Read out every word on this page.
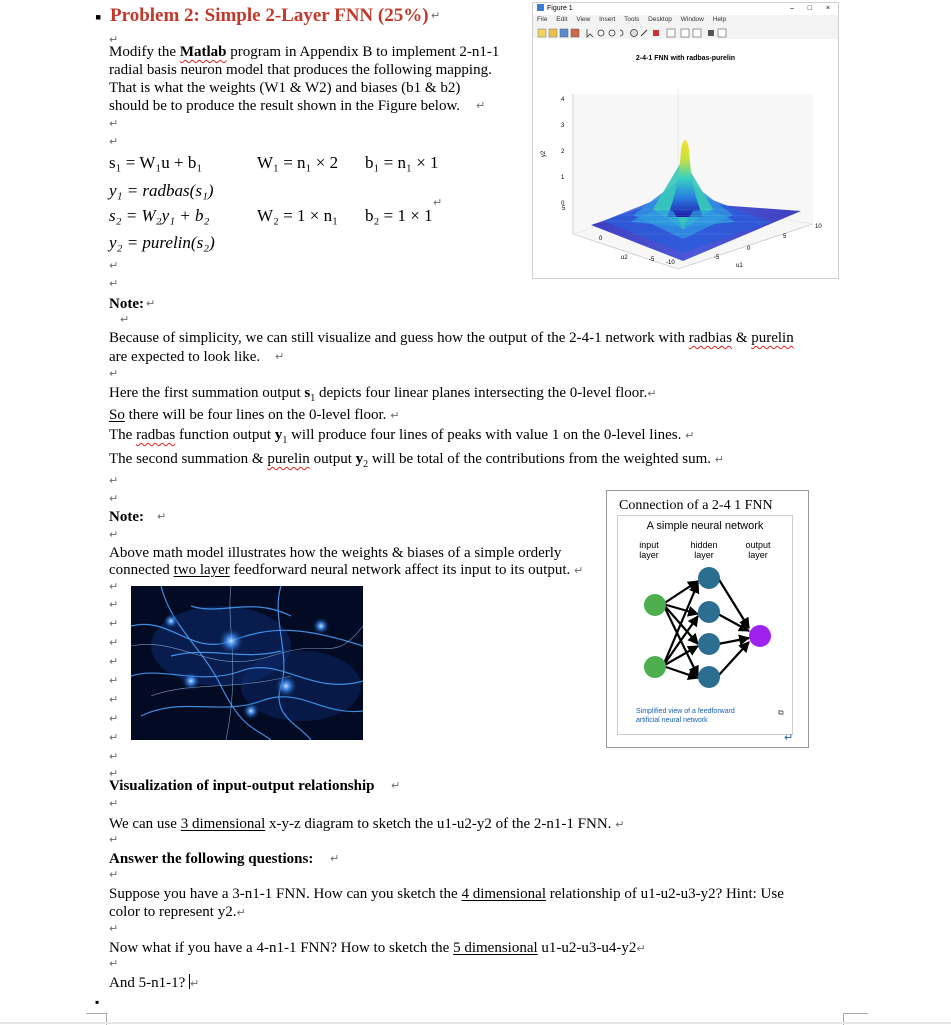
▪ Problem 2: Simple 2-Layer FNN (25%) ↵
↵
Modify the Matlab program in Appendix B to implement 2-n1-1
radial basis neuron model that produces the following mapping.
That is what the weights (W1 & W2) and biases (b1 & b2)
should be to produce the result shown in the Figure below. ↵
↵
↵
Figure 1	– □ ×
File Edit View Insert Tools Desktop Window Help
2-4-1 FNN with radbas-purelin
4
3
2
1
0
y2
10
5
0
-5
u1
5
0
-5 -10
u2
s₁ = W₁u + b₁
y₁ = radbas(s₁)
s₂ = W₂y₁ + b₂
y₂ = purelin(s₂)
W₁ = n₁ × 2 b₁ = n₁ × 1
W₂ = 1 × n₁ b₂ = 1 × 1
↵
↵
↵
Note: ↵
↵
Because of simplicity, we can still visualize and guess how the output of the 2-4-1 network with radbias & purelin
are expected to look like. ↵
↵
Here the first summation output $s_1$ depicts four linear planes intersecting the 0-level floor.↵
So there will be four lines on the 0-level floor. ↵
The radbas function output $y_1$ will produce four lines of peaks with value 1 on the 0-level lines. ↵
The second summation & purelin output $y_2$ will be total of the contributions from the weighted sum. ↵
↵
↵
Note: ↵
↵
Above math model illustrates how the weights & biases of a simple orderly
connected two layer feedforward neural network affect its input to its output. ↵
Connection of a 2-4 1 FNN
A simple neural network
input
layer
hidden
layer
output
layer
Simplified view of a feedforward
artificial neural network
⧉
↵
↵
↵
↵
↵
↵
↵
↵
↵
↵
↵
↵
Visualization of input-output relationship ↵
↵
We can use 3 dimensional x-y-z diagram to sketch the u1-u2-y2 of the 2-n1-1 FNN. ↵
↵
Answer the following questions: ↵
↵
Suppose you have a 3-n1-1 FNN. How can you sketch the 4 dimensional relationship of u1-u2-u3-y2? Hint: Use
color to represent y2.↵
↵
Now what if you have a 4-n1-1 FNN? How to sketch the 5 dimensional u1-u2-u3-u4-y2↵
↵
And 5-n1-1? ↵
▪
